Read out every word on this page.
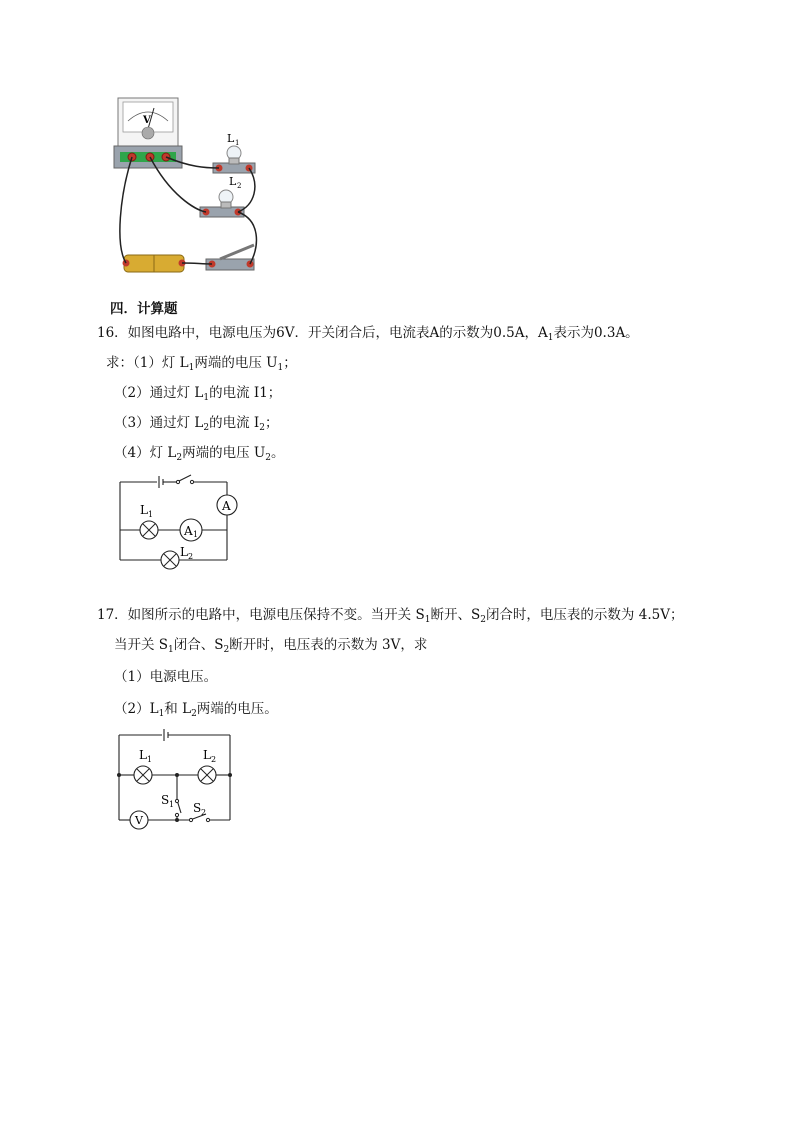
V
L 1
L 2
四．计算题
16．如图电路中，电源电压为6V．开关闭合后，电流表A的示数为0.5A，$A_1$表示为0.3A。
求：（1）灯 $L_1$两端的电压 $U_1$；
（2）通过灯 $L_1$的电流 I1；
（3）通过灯 $L_2$的电流 $I_2$；
（4）灯 $L_2$两端的电压 $U_2$。
A
L 1
A 1
L 2
17．如图所示的电路中，电源电压保持不变。当开关 $S_1$断开、$S_2$闭合时，电压表的示数为 4.5V；
当开关 $S_1$闭合、$S_2$断开时，电压表的示数为 3V，求
（1）电源电压。
$(2)L_1$和 $L_2$两端的电压。
L 1	L 2
S 1 S 2
V
